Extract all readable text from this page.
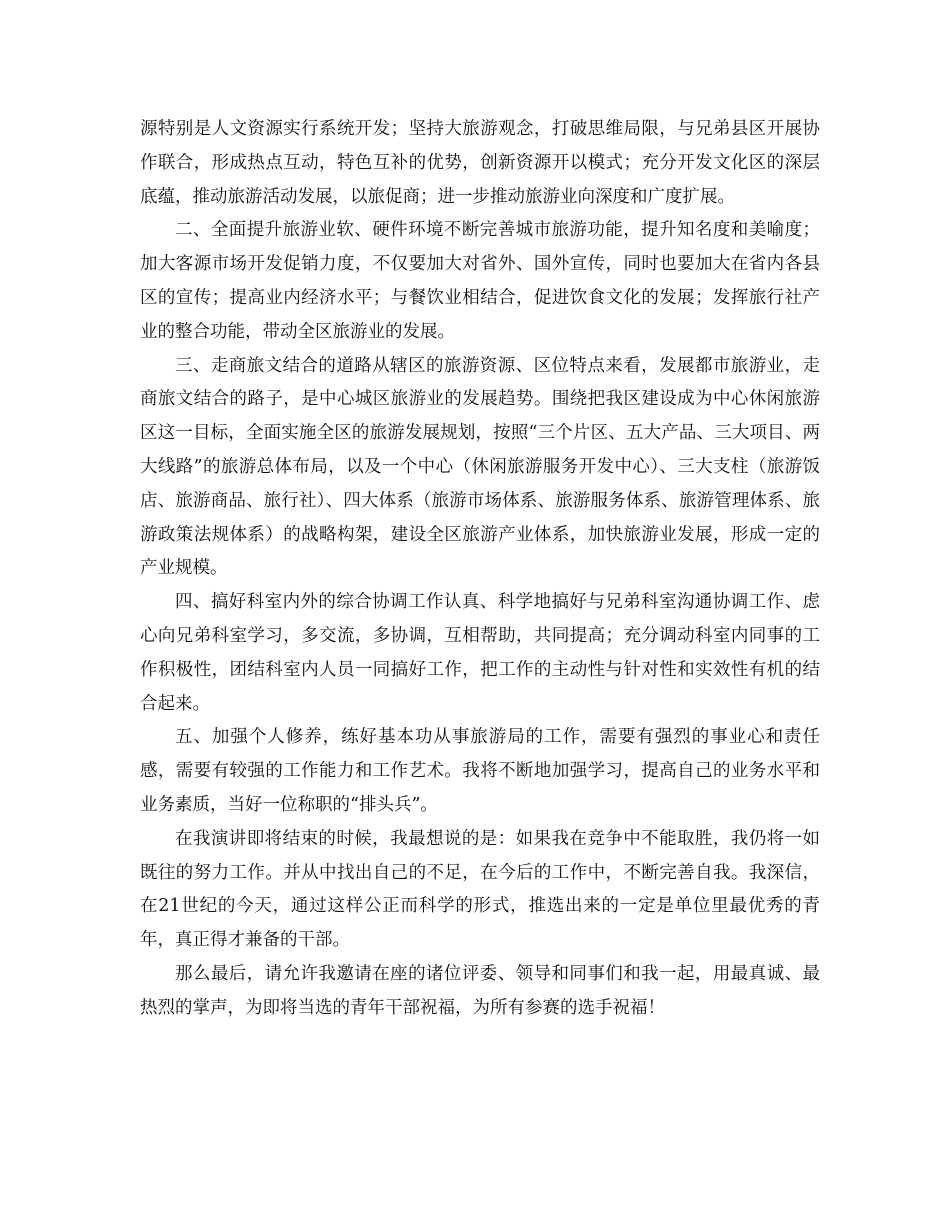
源特别是人文资源实行系统开发；坚持大旅游观念，打破思维局限，与兄弟县区开展协作联合，形成热点互动，特色互补的优势，创新资源开以模式；充分开发文化区的深层底蕴，推动旅游活动发展，以旅促商；进一步推动旅游业向深度和广度扩展。

二、全面提升旅游业软、硬件环境不断完善城市旅游功能，提升知名度和美喻度；加大客源市场开发促销力度，不仅要加大对省外、国外宣传，同时也要加大在省内各县区的宣传；提高业内经济水平；与餐饮业相结合，促进饮食文化的发展；发挥旅行社产业的整合功能，带动全区旅游业的发展。

三、走商旅文结合的道路从辖区的旅游资源、区位特点来看，发展都市旅游业，走商旅文结合的路子，是中心城区旅游业的发展趋势。围绕把我区建设成为中心休闲旅游区这一目标，全面实施全区的旅游发展规划，按照“三个片区、五大产品、三大项目、两大线路”的旅游总体布局，以及一个中心（休闲旅游服务开发中心）、三大支柱（旅游饭店、旅游商品、旅行社）、四大体系（旅游市场体系、旅游服务体系、旅游管理体系、旅游政策法规体系）的战略构架，建设全区旅游产业体系，加快旅游业发展，形成一定的产业规模。

四、搞好科室内外的综合协调工作认真、科学地搞好与兄弟科室沟通协调工作、虑心向兄弟科室学习，多交流，多协调，互相帮助，共同提高；充分调动科室内同事的工作积极性，团结科室内人员一同搞好工作，把工作的主动性与针对性和实效性有机的结合起来。

五、加强个人修养，练好基本功从事旅游局的工作，需要有强烈的事业心和责任感，需要有较强的工作能力和工作艺术。我将不断地加强学习，提高自己的业务水平和业务素质，当好一位称职的“排头兵”。

在我演讲即将结束的时候，我最想说的是：如果我在竞争中不能取胜，我仍将一如既往的努力工作。并从中找出自己的不足，在今后的工作中，不断完善自我。我深信，在21世纪的今天，通过这样公正而科学的形式，推选出来的一定是单位里最优秀的青年，真正得才兼备的干部。

那么最后，请允许我邀请在座的诸位评委、领导和同事们和我一起，用最真诚、最热烈的掌声，为即将当选的青年干部祝福，为所有参赛的选手祝福！
